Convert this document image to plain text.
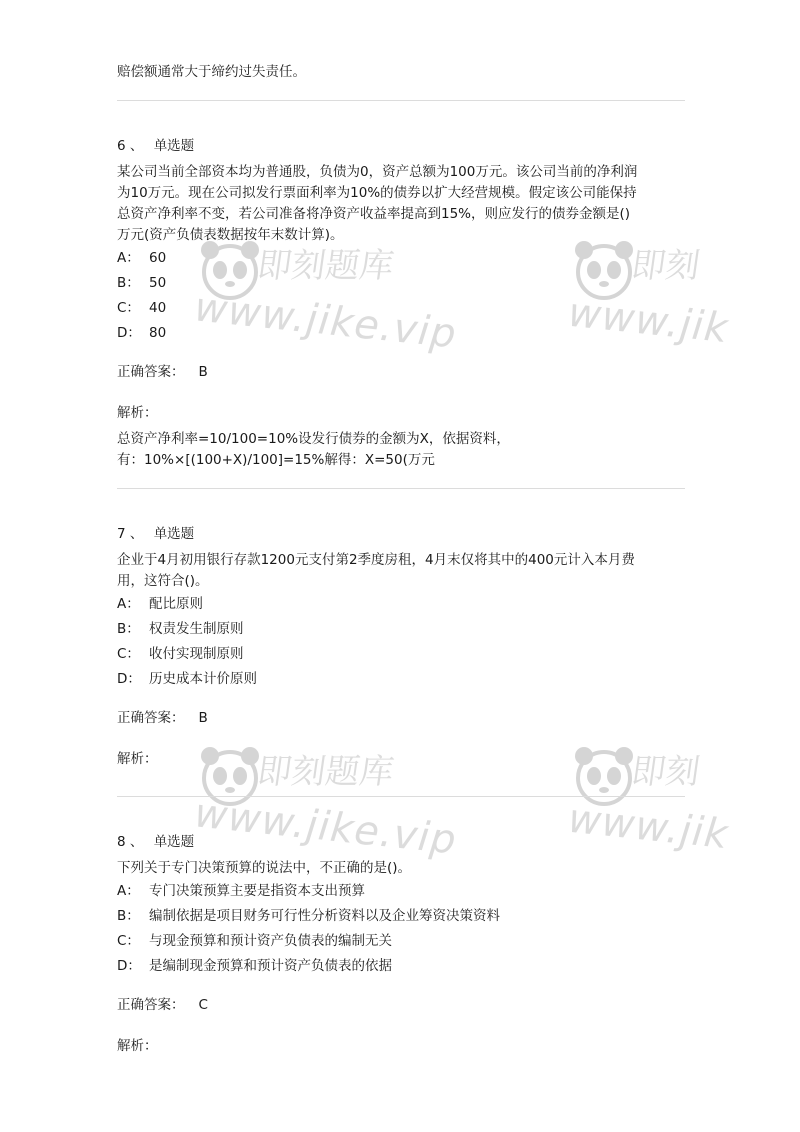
即刻题库
www.jike.vip
即刻
www.jik
即刻题库
www.jike.vip
即刻
www.jik
赔偿额通常大于缔约过失责任。
6 、 单选题
某公司当前全部资本均为普通股，负债为0，资产总额为100万元。该公司当前的净利润
为10万元。现在公司拟发行票面利率为10%的债券以扩大经营规模。假定该公司能保持
总资产净利率不变，若公司准备将净资产收益率提高到15%，则应发行的债券金额是()
万元(资产负债表数据按年末数计算)。
A： 60
B： 50
C： 40
D： 80
正确答案： B
解析：
总资产净利率=10/100=10%设发行债券的金额为X，依据资料，
有：10%×[(100+X)/100]=15%解得：X=50(万元
7 、 单选题
企业于4月初用银行存款1200元支付第2季度房租，4月末仅将其中的400元计入本月费
用，这符合()。
A： 配比原则
B： 权责发生制原则
C： 收付实现制原则
D： 历史成本计价原则
正确答案： B
解析：
8 、 单选题
下列关于专门决策预算的说法中，不正确的是()。
A： 专门决策预算主要是指资本支出预算
B： 编制依据是项目财务可行性分析资料以及企业筹资决策资料
C： 与现金预算和预计资产负债表的编制无关
D： 是编制现金预算和预计资产负债表的依据
正确答案： C
解析：
